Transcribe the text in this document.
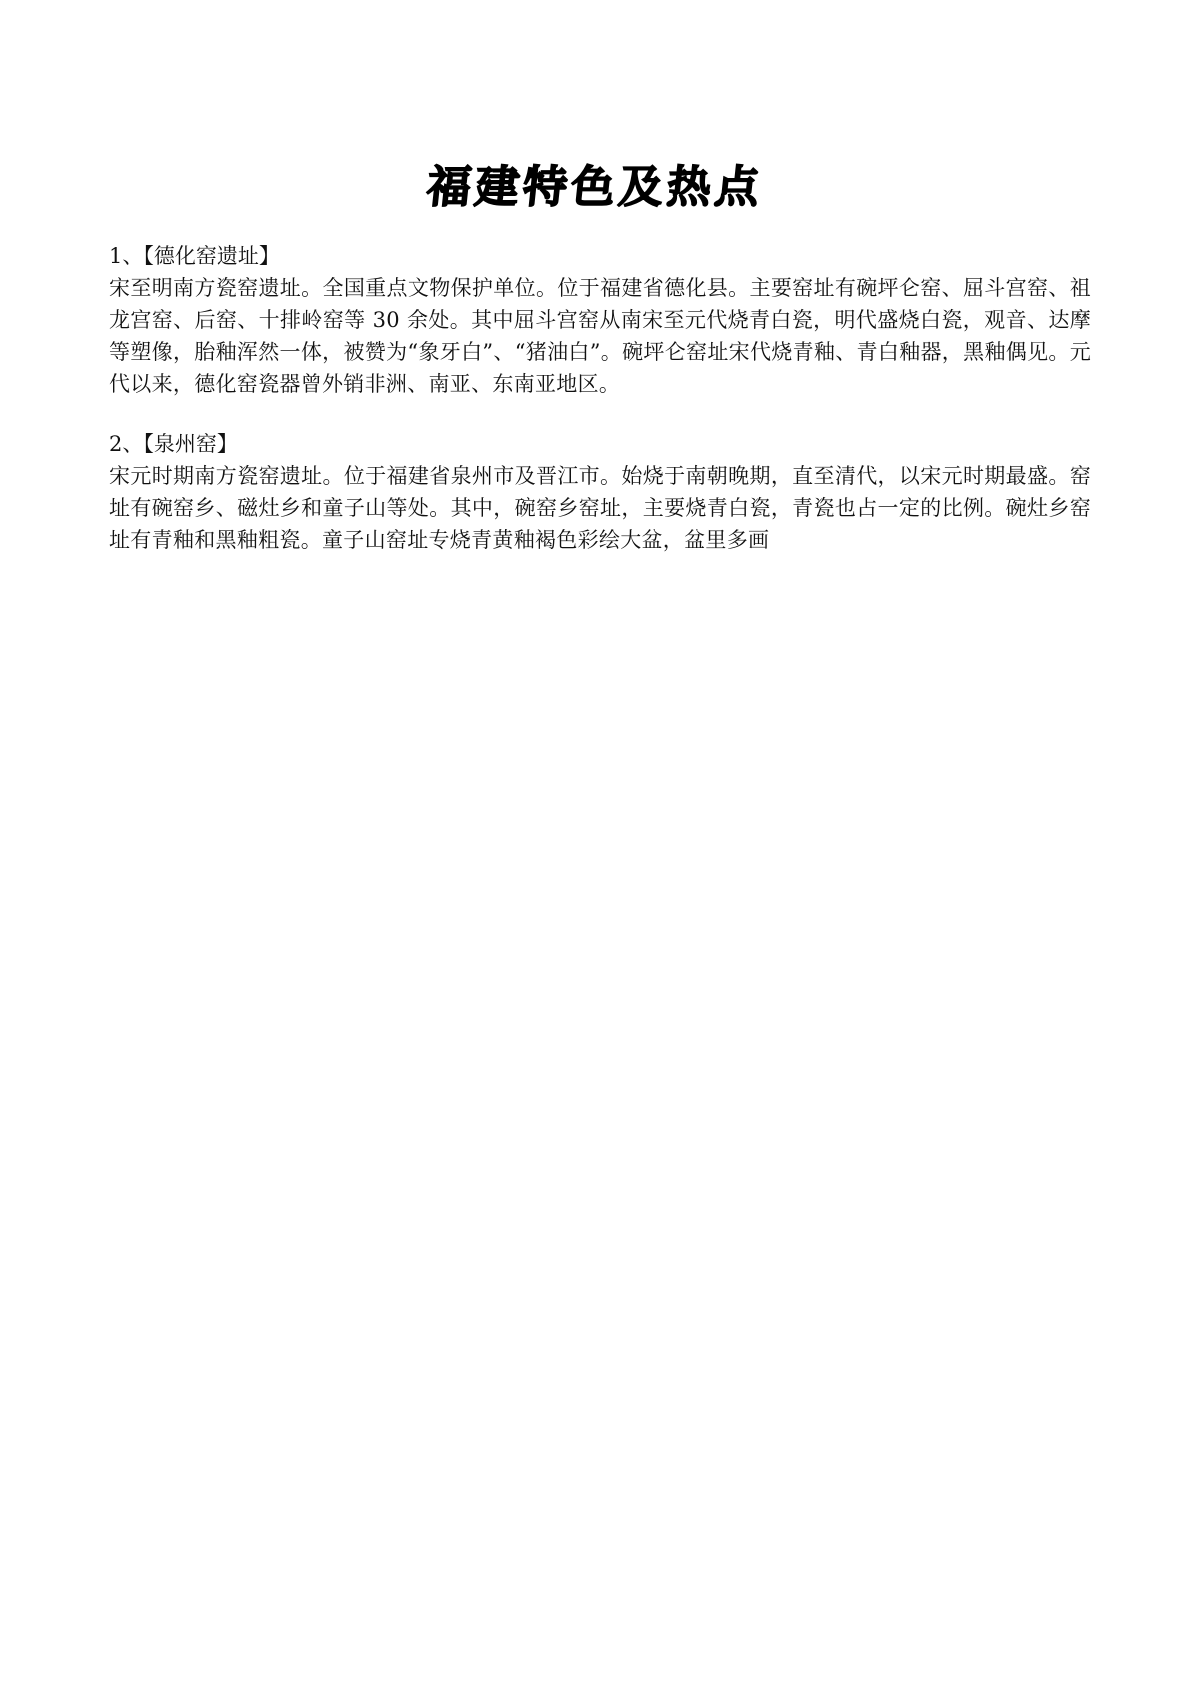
福建特色及热点
1、【德化窑遗址】
宋至明南方瓷窑遗址。全国重点文物保护单位。位于福建省德化县。主要窑址有碗坪仑窑、屈斗宫窑、祖龙宫窑、后窑、十排岭窑等 30 余处。其中屈斗宫窑从南宋至元代烧青白瓷，明代盛烧白瓷，观音、达摩等塑像，胎釉浑然一体，被赞为“象牙白”、“猪油白”。碗坪仑窑址宋代烧青釉、青白釉器，黑釉偶见。元代以来，德化窑瓷器曾外销非洲、南亚、东南亚地区。
2、【泉州窑】
宋元时期南方瓷窑遗址。位于福建省泉州市及晋江市。始烧于南朝晚期，直至清代，以宋元时期最盛。窑址有碗窑乡、磁灶乡和童子山等处。其中，碗窑乡窑址，主要烧青白瓷，青瓷也占一定的比例。碗灶乡窑址有青釉和黑釉粗瓷。童子山窑址专烧青黄釉褐色彩绘大盆，盆里多画
